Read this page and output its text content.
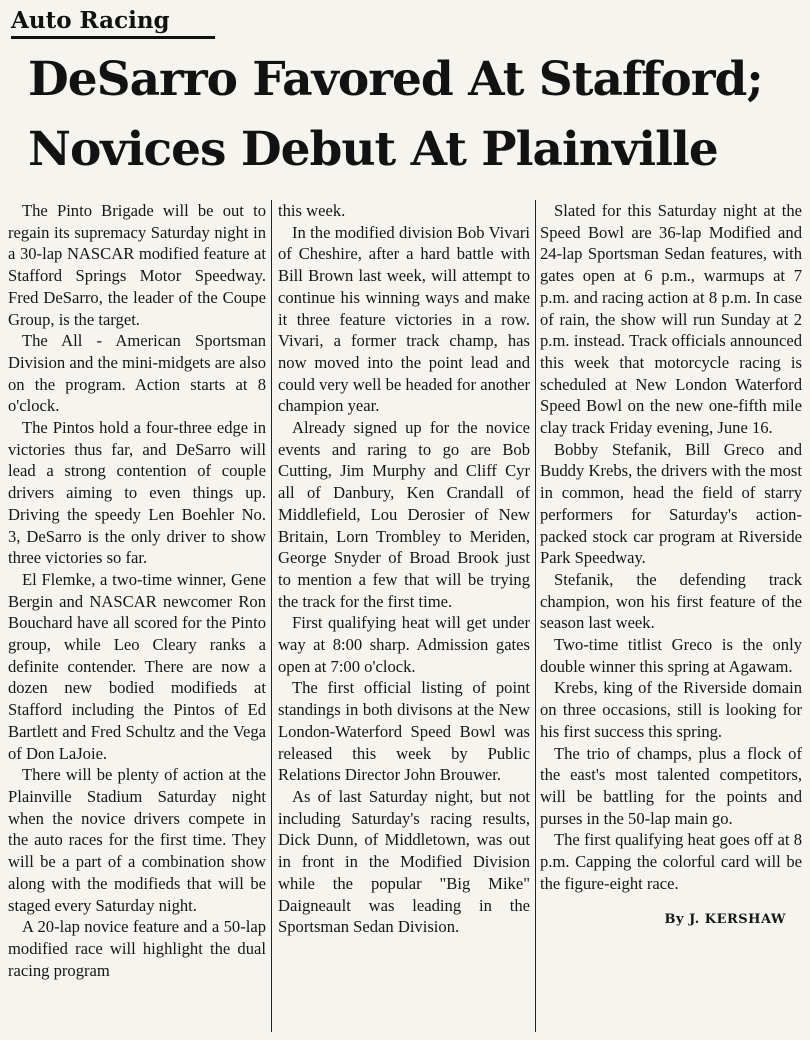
Auto Racing
DeSarro Favored At Stafford;
Novices Debut At Plainville

The Pinto Brigade will be out to regain its supremacy Saturday night in a 30-lap NASCAR modified feature at Stafford Springs Motor Speedway. Fred DeSarro, the leader of the Coupe Group, is the target.

The All - American Sportsman Division and the mini-midgets are also on the program. Action starts at 8 o'clock.

The Pintos hold a four-three edge in victories thus far, and DeSarro will lead a strong contention of couple drivers aiming to even things up. Driving the speedy Len Boehler No. 3, DeSarro is the only driver to show three victories so far.

El Flemke, a two-time winner, Gene Bergin and NASCAR newcomer Ron Bouchard have all scored for the Pinto group, while Leo Cleary ranks a definite contender. There are now a dozen new bodied modifieds at Stafford including the Pintos of Ed Bartlett and Fred Schultz and the Vega of Don LaJoie.

There will be plenty of action at the Plainville Stadium Saturday night when the novice drivers compete in the auto races for the first time. They will be a part of a combination show along with the modifieds that will be staged every Saturday night.

A 20-lap novice feature and a 50-lap modified race will highlight the dual racing program

this week.

In the modified division Bob Vivari of Cheshire, after a hard battle with Bill Brown last week, will attempt to continue his winning ways and make it three feature victories in a row. Vivari, a former track champ, has now moved into the point lead and could very well be headed for another champion year.

Already signed up for the novice events and raring to go are Bob Cutting, Jim Murphy and Cliff Cyr all of Danbury, Ken Crandall of Middlefield, Lou Derosier of New Britain, Lorn Trombley to Meriden, George Snyder of Broad Brook just to mention a few that will be trying the track for the first time.

First qualifying heat will get under way at 8:00 sharp. Admission gates open at 7:00 o'clock.

The first official listing of point standings in both divisons at the New London-Waterford Speed Bowl was released this week by Public Relations Director John Brouwer.

As of last Saturday night, but not including Saturday's racing results, Dick Dunn, of Middletown, was out in front in the Modified Division while the popular "Big Mike" Daigneault was leading in the Sportsman Sedan Division.

Slated for this Saturday night at the Speed Bowl are 36-lap Modified and 24-lap Sportsman Sedan features, with gates open at 6 p.m., warmups at 7 p.m. and racing action at 8 p.m. In case of rain, the show will run Sunday at 2 p.m. instead. Track officials announced this week that motorcycle racing is scheduled at New London Waterford Speed Bowl on the new one-fifth mile clay track Friday evening, June 16.

Bobby Stefanik, Bill Greco and Buddy Krebs, the drivers with the most in common, head the field of starry performers for Saturday's action-packed stock car program at Riverside Park Speedway.

Stefanik, the defending track champion, won his first feature of the season last week.

Two-time titlist Greco is the only double winner this spring at Agawam.

Krebs, king of the Riverside domain on three occasions, still is looking for his first success this spring.

The trio of champs, plus a flock of the east's most talented competitors, will be battling for the points and purses in the 50-lap main go.

The first qualifying heat goes off at 8 p.m. Capping the colorful card will be the figure-eight race.

By J. KERSHAW
